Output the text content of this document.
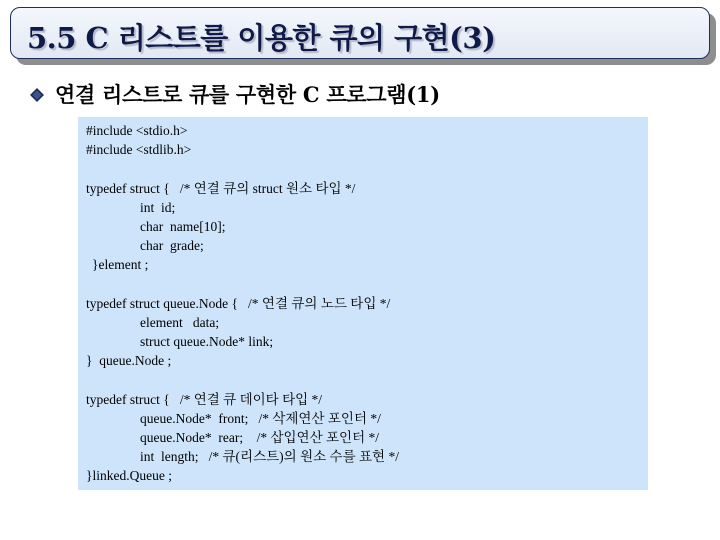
5.5 C 리스트를 이용한 큐의 구현(3)
연결 리스트로 큐를 구현한 C 프로그램(1)
#include <stdio.h>
#include <stdlib.h>
typedef struct {   /* 연결 큐의 struct 원소 타입 */
int  id;
char  name[10];
char  grade;
}element ;
typedef struct queue.Node {   /* 연결 큐의 노드 타입 */
element   data;
struct queue.Node* link;
}  queue.Node ;
typedef struct {   /* 연결 큐 데이타 타입 */
queue.Node*  front;   /* 삭제연산 포인터 */
queue.Node*  rear;    /* 삽입연산 포인터 */
int  length;   /* 큐(리스트)의 원소 수를 표현 */
}linked.Queue ;
